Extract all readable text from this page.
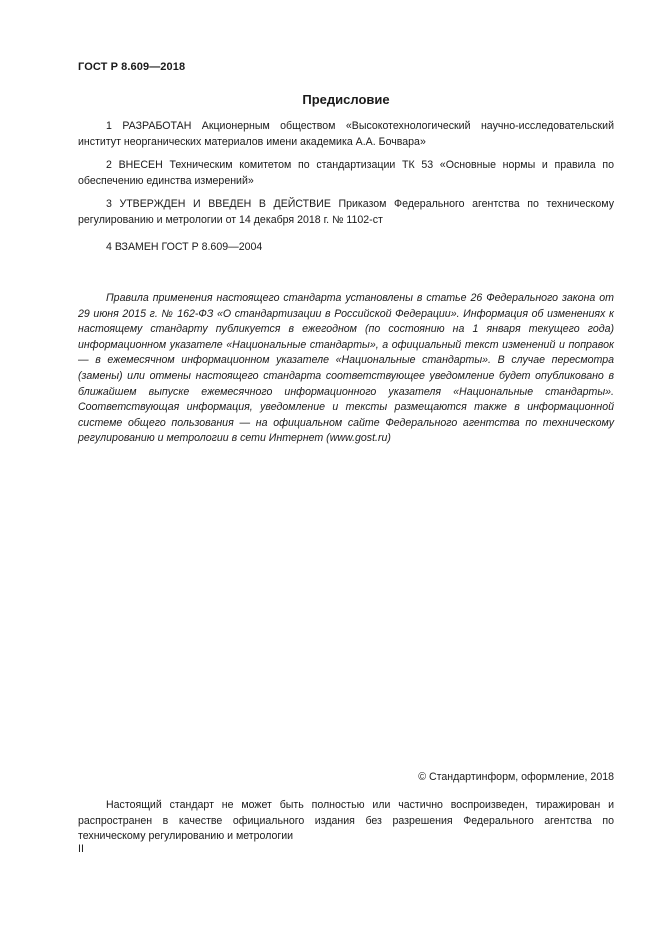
ГОСТ Р 8.609—2018
Предисловие

1 РАЗРАБОТАН Акционерным обществом «Высокотехнологический научно-исследовательский институт неорганических материалов имени академика А.А. Бочвара»

2 ВНЕСЕН Техническим комитетом по стандартизации ТК 53 «Основные нормы и правила по обеспечению единства измерений»

3 УТВЕРЖДЕН И ВВЕДЕН В ДЕЙСТВИЕ Приказом Федерального агентства по техническому регулированию и метрологии от 14 декабря 2018 г. № 1102-ст

4 ВЗАМЕН ГОСТ Р 8.609—2004

Правила применения настоящего стандарта установлены в статье 26 Федерального закона от 29 июня 2015 г. № 162-ФЗ «О стандартизации в Российской Федерации». Информация об изменениях к настоящему стандарту публикуется в ежегодном (по состоянию на 1 января текущего года) информационном указателе «Национальные стандарты», а официальный текст изменений и поправок — в ежемесячном информационном указателе «Национальные стандарты». В случае пересмотра (замены) или отмены настоящего стандарта соответствующее уведомление будет опубликовано в ближайшем выпуске ежемесячного информационного указателя «Национальные стандарты». Соответствующая информация, уведомление и тексты размещаются также в информационной системе общего пользования — на официальном сайте Федерального агентства по техническому регулированию и метрологии в сети Интернет (www.gost.ru)

© Стандартинформ, оформление, 2018

Настоящий стандарт не может быть полностью или частично воспроизведен, тиражирован и распространен в качестве официального издания без разрешения Федерального агентства по техническому регулированию и метрологии

II
